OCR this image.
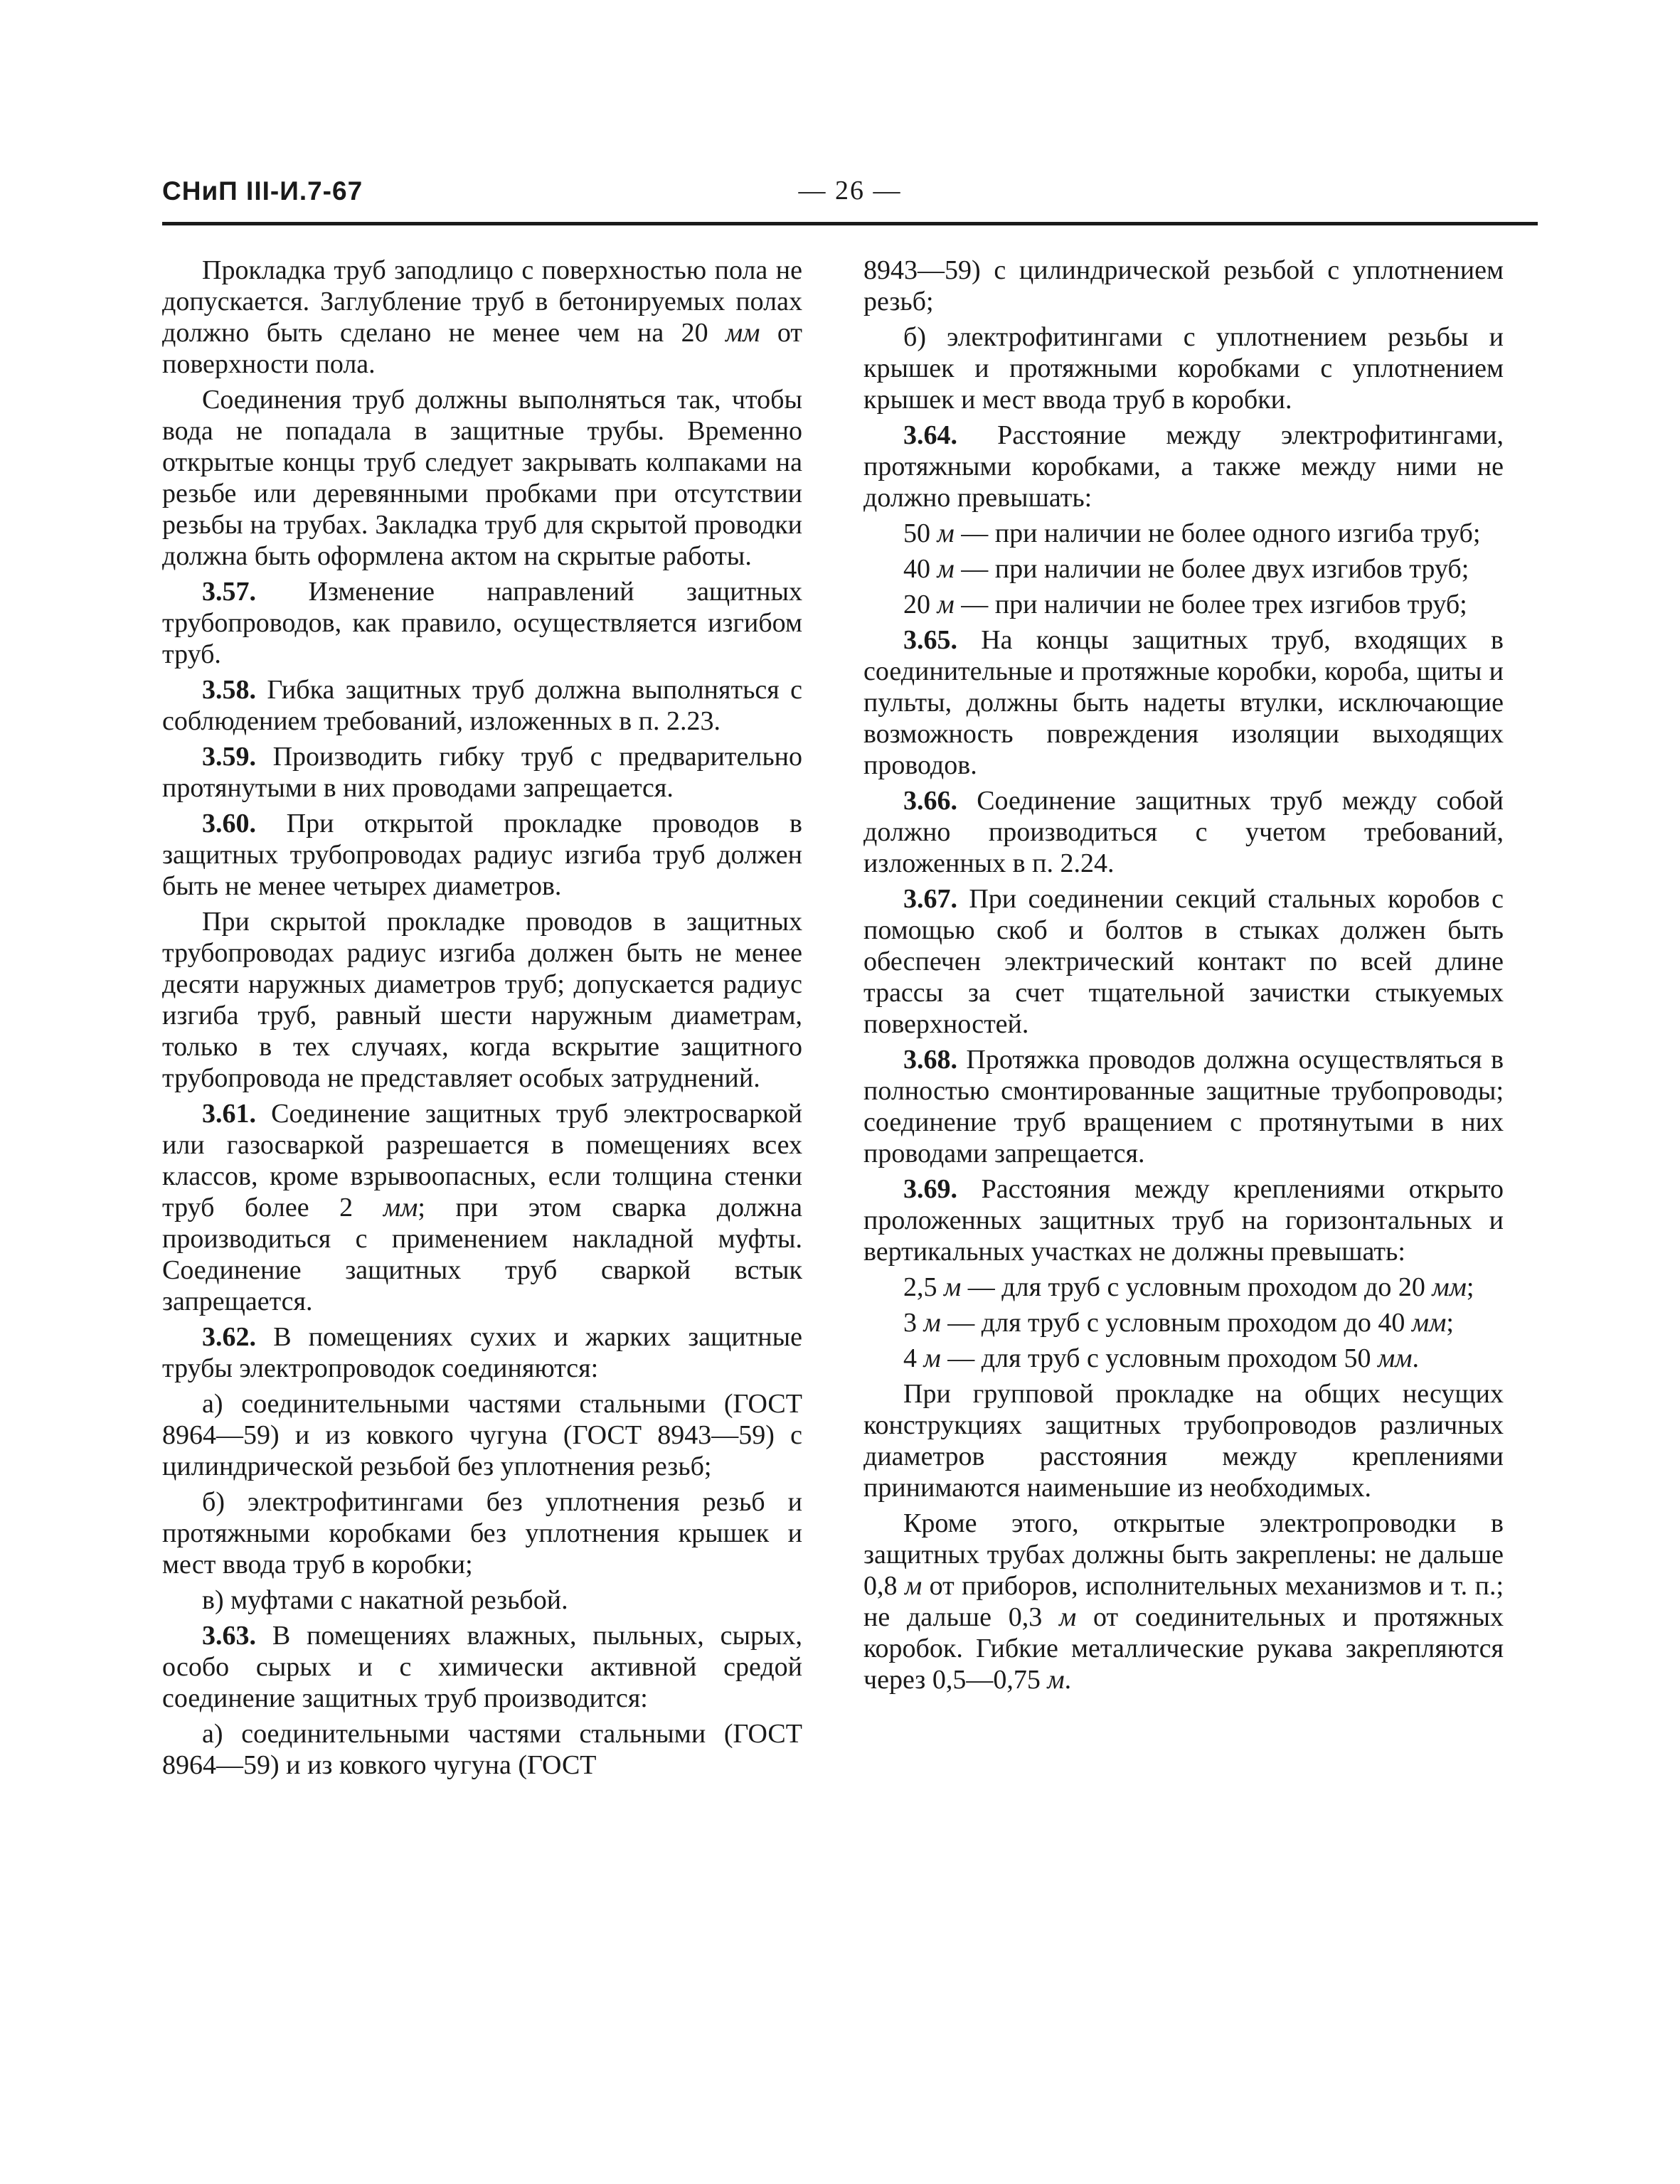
СНиП III-И.7-67	— 26 —

Прокладка труб заподлицо с поверхностью пола не допускается. Заглубление труб в бетонируемых полах должно быть сделано не менее чем на 20 мм от поверхности пола.

Соединения труб должны выполняться так, чтобы вода не попадала в защитные трубы. Временно открытые концы труб следует закрывать колпаками на резьбе или деревянными пробками при отсутствии резьбы на трубах. Закладка труб для скрытой проводки должна быть оформлена актом на скрытые работы.

3.57. Изменение направлений защитных трубопроводов, как правило, осуществляется изгибом труб.

3.58. Гибка защитных труб должна выполняться с соблюдением требований, изложенных в п. 2.23.

3.59. Производить гибку труб с предварительно протянутыми в них проводами запрещается.

3.60. При открытой прокладке проводов в защитных трубопроводах радиус изгиба труб должен быть не менее четырех диаметров.

При скрытой прокладке проводов в защитных трубопроводах радиус изгиба должен быть не менее десяти наружных диаметров труб; допускается радиус изгиба труб, равный шести наружным диаметрам, только в тех случаях, когда вскрытие защитного трубопровода не представляет особых затруднений.

3.61. Соединение защитных труб электросваркой или газосваркой разрешается в помещениях всех классов, кроме взрывоопасных, если толщина стенки труб более 2 мм; при этом сварка должна производиться с применением накладной муфты. Соединение защитных труб сваркой встык запрещается.

3.62. В помещениях сухих и жарких защитные трубы электропроводок соединяются:

а) соединительными частями стальными (ГОСТ 8964—59) и из ковкого чугуна (ГОСТ 8943—59) с цилиндрической резьбой без уплотнения резьб;

б) электрофитингами без уплотнения резьб и протяжными коробками без уплотнения крышек и мест ввода труб в коробки;

в) муфтами с накатной резьбой.

3.63. В помещениях влажных, пыльных, сырых, особо сырых и с химически активной средой соединение защитных труб производится:

а) соединительными частями стальными (ГОСТ 8964—59) и из ковкого чугуна (ГОСТ

8943—59) с цилиндрической резьбой с уплотнением резьб;

б) электрофитингами с уплотнением резьбы и крышек и протяжными коробками с уплотнением крышек и мест ввода труб в коробки.

3.64. Расстояние между электрофитингами, протяжными коробками, а также между ними не должно превышать:

50 м — при наличии не более одного изгиба труб;

40 м — при наличии не более двух изгибов труб;

20 м — при наличии не более трех изгибов труб;

3.65. На концы защитных труб, входящих в соединительные и протяжные коробки, короба, щиты и пульты, должны быть надеты втулки, исключающие возможность повреждения изоляции выходящих проводов.

3.66. Соединение защитных труб между собой должно производиться с учетом требований, изложенных в п. 2.24.

3.67. При соединении секций стальных коробов с помощью скоб и болтов в стыках должен быть обеспечен электрический контакт по всей длине трассы за счет тщательной зачистки стыкуемых поверхностей.

3.68. Протяжка проводов должна осуществляться в полностью смонтированные защитные трубопроводы; соединение труб вращением с протянутыми в них проводами запрещается.

3.69. Расстояния между креплениями открыто проложенных защитных труб на горизонтальных и вертикальных участках не должны превышать:

2,5 м — для труб с условным проходом до 20 мм;

3 м — для труб с условным проходом до 40 мм;

4 м — для труб с условным проходом 50 мм.

При групповой прокладке на общих несущих конструкциях защитных трубопроводов различных диаметров расстояния между креплениями принимаются наименьшие из необходимых.

Кроме этого, открытые электропроводки в защитных трубах должны быть закреплены: не дальше 0,8 м от приборов, исполнительных механизмов и т. п.; не дальше 0,3 м от соединительных и протяжных коробок. Гибкие металлические рукава закрепляются через 0,5—0,75 м.
